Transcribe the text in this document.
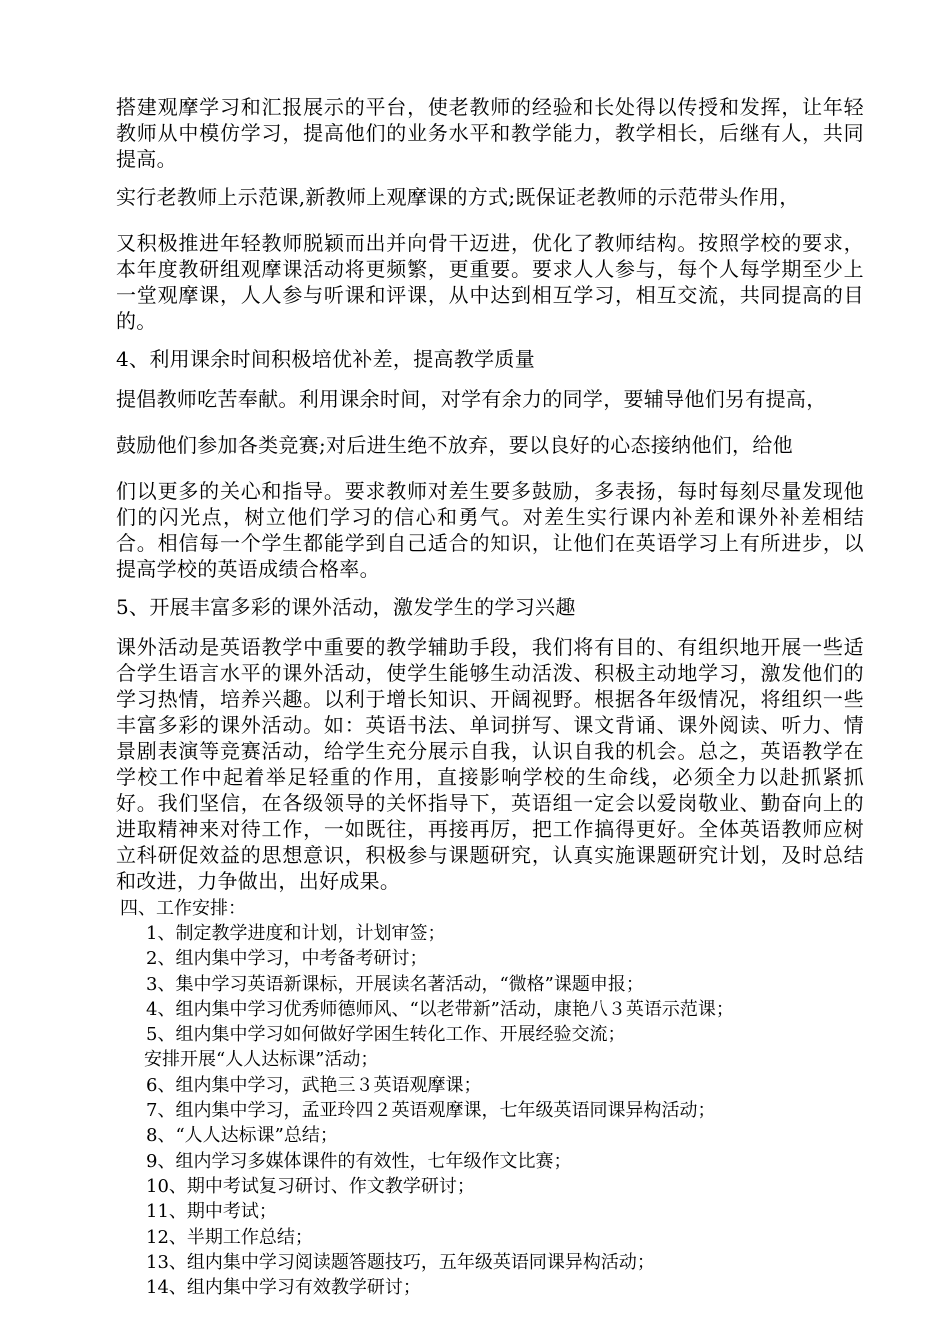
搭建观摩学习和汇报展示的平台，使老教师的经验和长处得以传授和发挥，让年轻教师从中模仿学习，提高他们的业务水平和教学能力，教学相长，后继有人，共同提高。

实行老教师上示范课,新教师上观摩课的方式;既保证老教师的示范带头作用，

又积极推进年轻教师脱颖而出并向骨干迈进，优化了教师结构。按照学校的要求，本年度教研组观摩课活动将更频繁，更重要。要求人人参与，每个人每学期至少上一堂观摩课，人人参与听课和评课，从中达到相互学习，相互交流，共同提高的目的。

4、利用课余时间积极培优补差，提高教学质量

提倡教师吃苦奉献。利用课余时间，对学有余力的同学，要辅导他们另有提高，

鼓励他们参加各类竞赛;对后进生绝不放弃，要以良好的心态接纳他们，给他

们以更多的关心和指导。要求教师对差生要多鼓励，多表扬，每时每刻尽量发现他们的闪光点，树立他们学习的信心和勇气。对差生实行课内补差和课外补差相结合。相信每一个学生都能学到自己适合的知识，让他们在英语学习上有所进步，以提高学校的英语成绩合格率。

5、开展丰富多彩的课外活动，激发学生的学习兴趣

课外活动是英语教学中重要的教学辅助手段，我们将有目的、有组织地开展一些适合学生语言水平的课外活动，使学生能够生动活泼、积极主动地学习，激发他们的学习热情，培养兴趣。以利于增长知识、开阔视野。根据各年级情况，将组织一些丰富多彩的课外活动。如：英语书法、单词拼写、课文背诵、课外阅读、听力、情景剧表演等竞赛活动，给学生充分展示自我，认识自我的机会。总之，英语教学在学校工作中起着举足轻重的作用，直接影响学校的生命线，必须全力以赴抓紧抓好。我们坚信，在各级领导的关怀指导下，英语组一定会以爱岗敬业、勤奋向上的进取精神来对待工作，一如既往，再接再厉，把工作搞得更好。全体英语教师应树立科研促效益的思想意识，积极参与课题研究，认真实施课题研究计划，及时总结和改进，力争做出，出好成果。

四、工作安排：
1、制定教学进度和计划，计划审签；
2、组内集中学习，中考备考研讨；
3、集中学习英语新课标，开展读名著活动，“微格”课题申报；
4、组内集中学习优秀师德师风、“以老带新”活动，康艳八３英语示范课；
5、组内集中学习如何做好学困生转化工作、开展经验交流；
安排开展“人人达标课”活动；
6、组内集中学习，武艳三３英语观摩课；
7、组内集中学习，孟亚玲四２英语观摩课，七年级英语同课异构活动；
8、“人人达标课”总结；
9、组内学习多媒体课件的有效性，七年级作文比赛；
10、期中考试复习研讨、作文教学研讨；
11、期中考试；
12、半期工作总结；
13、组内集中学习阅读题答题技巧，五年级英语同课异构活动；
14、组内集中学习有效教学研讨；
